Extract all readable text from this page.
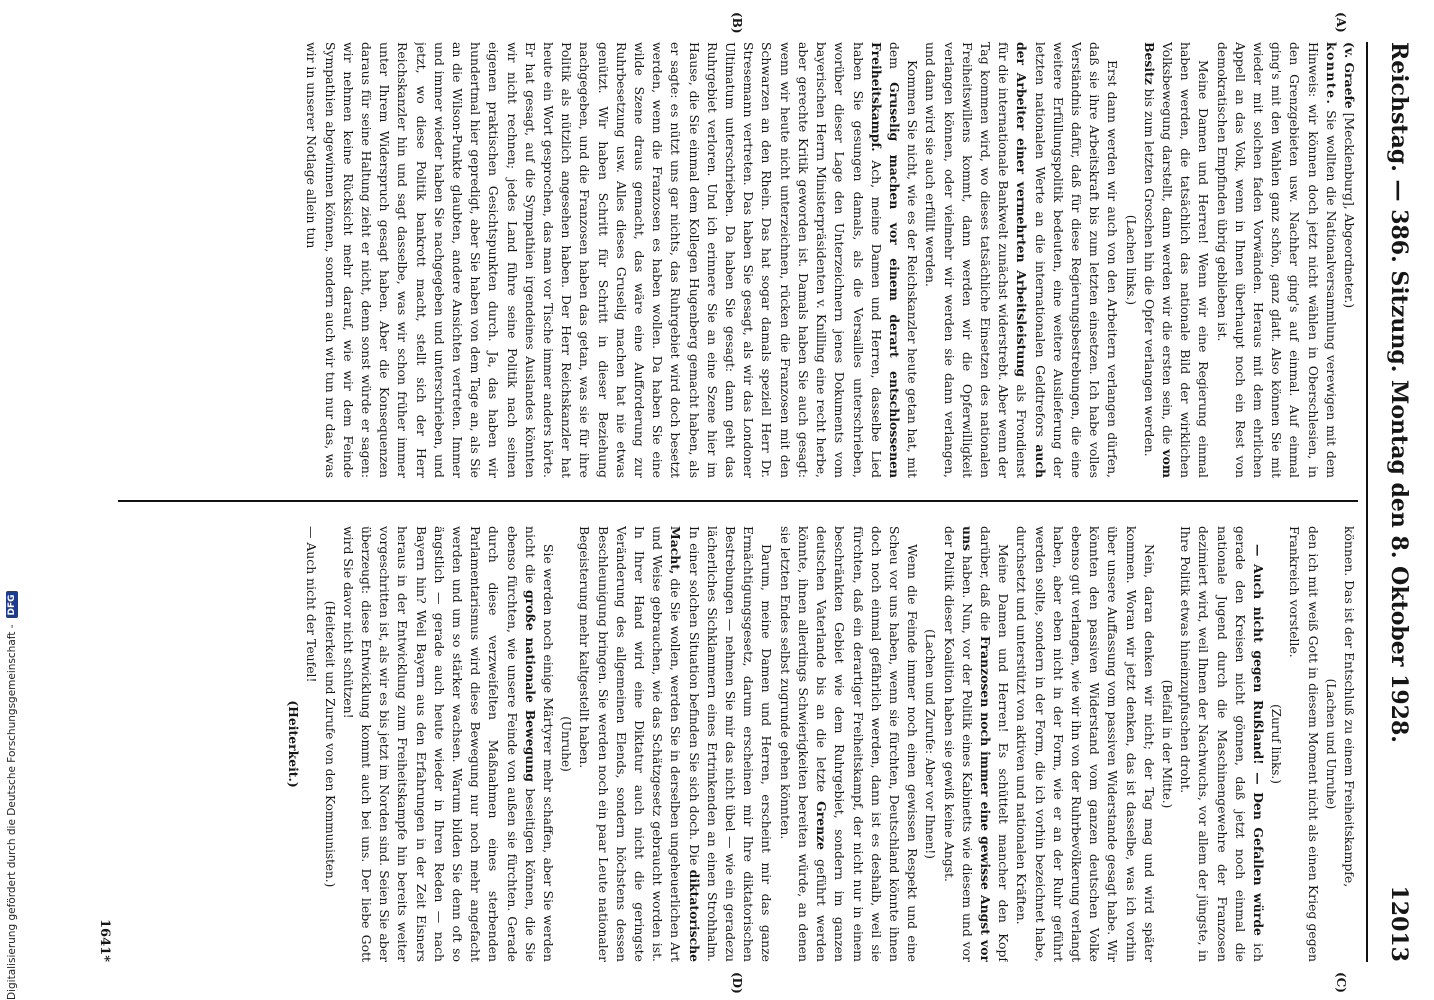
Reichstag. — 386. Sitzung. Montag den 8. Oktober 1928.
12013
(A)
(B)
(C)
(D)

(v. Graefe [Mecklenburg], Abgeordneter.)

konnte. Sie wollten die Nationalversammlung verewigen mit dem Hinweis: wir können doch jetzt nicht wählen in Oberschlesien, in den Grenzgebieten usw. Nachher ging's auf einmal. Auf einmal ging's mit den Wahlen ganz schön, ganz glatt. Also können Sie mit wieder mit solchen faden Vorwänden. Heraus mit dem ehrlichen Appell an das Volk, wenn in Ihnen überhaupt noch ein Rest von demokratischen Empfinden übrig geblieben ist.

Meine Damen und Herren! Wenn wir eine Regierung einmal haben werden, die tatsächlich das nationale Bild der wirklichen Volksbewegung darstellt, dann werden wir die ersten sein, die vom Besitz bis zum letzten Groschen hin die Opfer verlangen werden.

(Lachen links.)

Erst dann werden wir auch von den Arbeitern verlangen dürfen, daß sie ihre Arbeitskraft bis zum letzten einsetzen. Ich habe volles Verständnis dafür, daß für diese Regierungsbestrebungen, die eine weitere Erfüllungspolitik bedeuten, eine weitere Auslieferung der letzten nationalen Werte an die internationalen Geldtrefors auch der Arbeiter einer vermehrten Arbeitsleistung als Frondienst für die internationale Bankwelt zunächst widerstrebt. Aber wenn der Tag kommen wird, wo dieses tatsächliche Einsetzen des nationalen Freiheitswillens kommt, dann werden wir die Opferwilligkeit verlangen können, oder vielmehr wir werden sie dann verlangen, und dann wird sie auch erfüllt werden.

Kommen Sie nicht, wie es der Reichskanzler heute getan hat, mit dem Gruselig machen vor einem derart entschlossenen Freiheitskampf. Ach, meine Damen und Herren, dasselbe Lied haben Sie gesungen damals, als die Versailles unterschrieben, worüber dieser Lage den Unterzeichnern jenes Dokuments vom bayerischen Herrn Ministerpräsidenten v. Knilling eine recht herbe, aber gerechte Kritik geworden ist. Damals haben Sie auch gesagt: wenn wir heute nicht unterzeichnen, rücken die Franzosen mit den Schwarzen an den Rhein. Das hat sogar damals speziell Herr Dr. Stresemann vertreten. Das haben Sie gesagt, als wir das Londoner Ultimatum unterschrieben. Da haben Sie gesagt: dann geht das Ruhrgebiet verloren. Und ich erinnere Sie an eine Szene hier im Hause, die Sie einmal dem Kollegen Hugenberg gemacht haben, als er sagte: es nützt uns gar nichts, das Ruhrgebiet wird doch besetzt werden, wenn die Franzosen es haben wollen. Da haben Sie eine wilde Szene draus gemacht, das wäre eine Aufforderung zur Ruhrbesetzung usw. Alles dieses Gruselig machen hat nie etwas genützt. Wir haben Schritt für Schritt in dieser Beziehung nachgegeben, und die Franzosen haben das getan, was sie für ihre Politik als nützlich angesehen haben. Der Herr Reichskanzler hat heute ein Wort gesprochen, das man vor Tische immer anders hörte. Er hat gesagt, auf die Sympathien irgendeines Auslandes könnten wir nicht rechnen; jedes Land führe seine Politik nach seinen eigenen praktischen Gesichtspunkten durch. Ja, das haben wir hundertmal hier gepredigt, aber Sie haben von dem Tage an, als Sie an die Wilson-Punkte glaubten, andere Ansichten vertreten. Immer und immer wieder haben Sie nachgegeben und unterschrieben, und jetzt, wo diese Politik bankrott macht, stellt sich der Herr Reichskanzler hin und sagt dasselbe, was wir schon früher immer unter Ihrem Widerspruch gesagt haben. Aber die Konsequenzen daraus für seine Haltung zieht er nicht, denn sonst würde er sagen: wir nehmen keine Rücksicht mehr darauf, wie wir dem Feinde Sympathien abgewinnen können, sondern auch wir tun nur das, was wir in unserer Notlage allein tun

können. Das ist der Entschluß zu einem Freiheitskampfe,

(Lachen und Unruhe)

den ich mit weiß Gott in diesem Moment nicht als einen Krieg gegen Frankreich vorstelle.

(Zuruf links.)

— Auch nicht gegen Rußland! — Den Gefallen würde ich gerade den Kreisen nicht gönnen, daß jetzt noch einmal die nationale Jugend durch die Maschinengewehre der Franzosen dezimiert wird, weil Ihnen der Nachwuchs, vor allem der jüngste, in Ihre Politik etwas hineinzupfuschen droht.

(Beifall in der Mitte.)

Nein, daran denken wir nicht; der Tag mag und wird später kommen. Woran wir jetzt denken, das ist dasselbe, was ich vorhin über unsere Auffassung vom passiven Widerstande gesagt habe. Wir könnten den passiven Widerstand vom ganzen deutschen Volke ebenso gut verlangen, wie wir ihn von der Ruhrbevölkerung verlangt haben, aber eben nicht in der Form, wie er an der Ruhr geführt werden sollte, sondern in der Form, die ich vorhin bezeichnet habe, durchsetzt und unterstützt von aktiven und nationalen Kräften.

Meine Damen und Herren! Es schüttelt mancher den Kopf darüber, daß die Franzosen noch immer eine gewisse Angst vor uns haben. Nun, vor der Politik eines Kabinetts wie diesem und vor der Politik dieser Koalition haben sie gewiß keine Angst.

(Lachen und Zurufe: Aber vor Ihnen!)

Wenn die Feinde immer noch einen gewissen Respekt und eine Scheu vor uns haben, wenn sie fürchten, Deutschland könnte ihnen doch noch einmal gefährlich werden, dann ist es deshalb, weil sie fürchten, daß ein derartiger Freiheitskampf, der nicht nur in einem beschränkten Gebiet wie dem Ruhrgebiet, sondern im ganzen deutschen Vaterlande bis an die letzte Grenze geführt werden könnte, ihnen allerdings Schwierigkeiten bereiten würde, an denen sie letzten Endes selbst zugrunde gehen könnten.

Darum, meine Damen und Herren, erscheint mir das ganze Ermächtigungsgesetz, darum erscheinen mir Ihre diktatorischen Bestrebungen — nehmen Sie mir das nicht übel — wie ein geradezu lächerliches Sichklammern eines Ertrinkenden an einen Strohhalm. In einer solchen Situation befinden Sie sich doch. Die diktatorische Macht, die Sie wollen, werden Sie in derselben ungeheuerlichen Art und Weise gebrauchen, wie das Schätzgesetz gebraucht worden ist. In Ihrer Hand wird eine Diktatur auch nicht die geringste Veränderung des allgemeinen Elends, sondern höchstens dessen Beschleunigung bringen. Sie werden noch ein paar Leute nationaler Begeisterung mehr kaltgestellt haben.

(Unruhe)

Sie werden noch einige Märtyrer mehr schaffen, aber Sie werden nicht die große nationale Bewegung beseitigen können, die Sie ebenso fürchten, wie unsere Feinde von außen sie fürchten. Gerade durch diese verzweifelten Maßnahmen eines sterbenden Parlamentarismus wird diese Bewegung nur noch mehr angefacht werden und um so stärker wachsen. Warum bilden Sie denn oft so ängstlich — gerade auch heute wieder in Ihren Reden — nach Bayern hin? Weil Bayern aus den Erfahrungen in der Zeit Eisners heraus in der Entwicklung zum Freiheitskampfe hin bereits weiter vorgeschritten ist, als wir es bis jetzt im Norden sind. Seien Sie aber überzeugt: diese Entwicklung kommt auch bei uns. Der liebe Gott wird Sie davor nicht schützen!

(Heiterkeit und Zurufe von den Kommunisten.)

— Auch nicht der Teufel!

(Heiterkeit.)

1641*
Digitalisierung gefördert durch die Deutsche Forschungsgemeinschaft -
DFG
